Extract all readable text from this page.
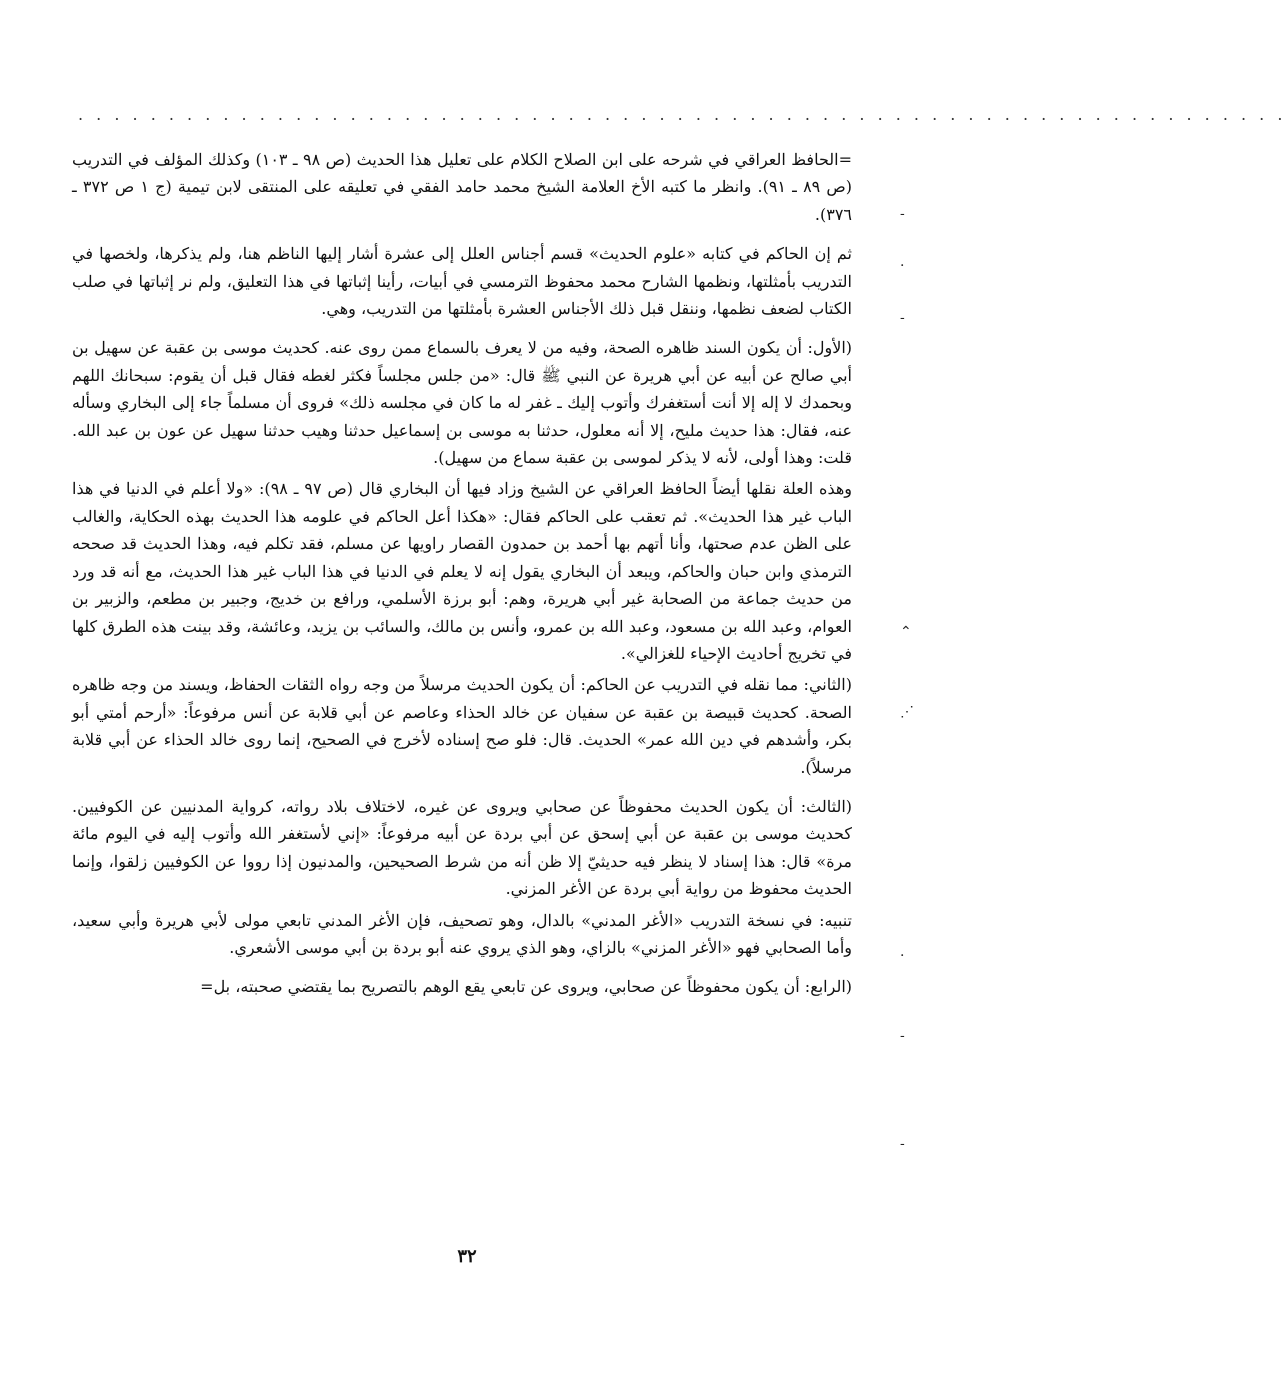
. . . . . . . . . . . . . . . . . . . . . . . . . . . . . . . . . . . . . . . . . . . . . . . . . . . . . . . . . . . . . . . . . . .

=الحافظ العراقي في شرحه على ابن الصلاح الكلام على تعليل هذا الحديث (ص ٩٨ ـ ١٠٣) وكذلك المؤلف في التدريب (ص ٨٩ ـ ٩١). وانظر ما كتبه الأخ العلامة الشيخ محمد حامد الفقي في تعليقه على المنتقى لابن تيمية (ج ١ ص ٣٧٢ ـ ٣٧٦).

ثم إن الحاكم في كتابه «علوم الحديث» قسم أجناس العلل إلى عشرة أشار إليها الناظم هنا، ولم يذكرها، ولخصها في التدريب بأمثلتها، ونظمها الشارح محمد محفوظ الترمسي في أبيات، رأينا إثباتها في هذا التعليق، ولم نر إثباتها في صلب الكتاب لضعف نظمها، وننقل قبل ذلك الأجناس العشرة بأمثلتها من التدريب، وهي.

(الأول: أن يكون السند ظاهره الصحة، وفيه من لا يعرف بالسماع ممن روى عنه. كحديث موسى بن عقبة عن سهيل بن أبي صالح عن أبيه عن أبي هريرة عن النبي ﷺ قال: «من جلس مجلساً فكثر لغطه فقال قبل أن يقوم: سبحانك اللهم وبحمدك لا إله إلا أنت أستغفرك وأتوب إليك ـ غفر له ما كان في مجلسه ذلك» فروى أن مسلماً جاء إلى البخاري وسأله عنه، فقال: هذا حديث مليح، إلا أنه معلول، حدثنا به موسى بن إسماعيل حدثنا وهيب حدثنا سهيل عن عون بن عبد الله. قلت: وهذا أولى، لأنه لا يذكر لموسى بن عقبة سماع من سهيل).

وهذه العلة نقلها أيضاً الحافظ العراقي عن الشيخ وزاد فيها أن البخاري قال (ص ٩٧ ـ ٩٨): «ولا أعلم في الدنيا في هذا الباب غير هذا الحديث». ثم تعقب على الحاكم فقال: «هكذا أعل الحاكم في علومه هذا الحديث بهذه الحكاية، والغالب على الظن عدم صحتها، وأنا أتهم بها أحمد بن حمدون القصار راويها عن مسلم، فقد تكلم فيه، وهذا الحديث قد صححه الترمذي وابن حبان والحاكم، ويبعد أن البخاري يقول إنه لا يعلم في الدنيا في هذا الباب غير هذا الحديث، مع أنه قد ورد من حديث جماعة من الصحابة غير أبي هريرة، وهم: أبو برزة الأسلمي، ورافع بن خديج، وجبير بن مطعم، والزبير بن العوام، وعبد الله بن مسعود، وعبد الله بن عمرو، وأنس بن مالك، والسائب بن يزيد، وعائشة، وقد بينت هذه الطرق كلها في تخريج أحاديث الإحياء للغزالي».

(الثاني: مما نقله في التدريب عن الحاكم: أن يكون الحديث مرسلاً من وجه رواه الثقات الحفاظ، ويسند من وجه ظاهره الصحة. كحديث قبيصة بن عقبة عن سفيان عن خالد الحذاء وعاصم عن أبي قلابة عن أنس مرفوعاً: «أرحم أمتي أبو بكر، وأشدهم في دين الله عمر» الحديث. قال: فلو صح إسناده لأخرج في الصحيح، إنما روى خالد الحذاء عن أبي قلابة مرسلاً).

(الثالث: أن يكون الحديث محفوظاً عن صحابي ويروى عن غيره، لاختلاف بلاد رواته، كرواية المدنيين عن الكوفيين. كحديث موسى بن عقبة عن أبي إسحق عن أبي بردة عن أبيه مرفوعاً: «إني لأستغفر الله وأتوب إليه في اليوم مائة مرة» قال: هذا إسناد لا ينظر فيه حديثيّ إلا ظن أنه من شرط الصحيحين، والمدنيون إذا رووا عن الكوفيين زلقوا، وإنما الحديث محفوظ من رواية أبي بردة عن الأغر المزني.

تنبيه: في نسخة التدريب «الأغر المدني» بالدال، وهو تصحيف، فإن الأغر المدني تابعي مولى لأبي هريرة وأبي سعيد، وأما الصحابي فهو «الأغر المزني» بالزاي، وهو الذي يروي عنه أبو بردة بن أبي موسى الأشعري.

(الرابع: أن يكون محفوظاً عن صحابي، ويروى عن تابعي يقع الوهم بالتصريح بما يقتضي صحبته، بل=

-
·
-
⌃
⋰
·
-
-
٣٢
